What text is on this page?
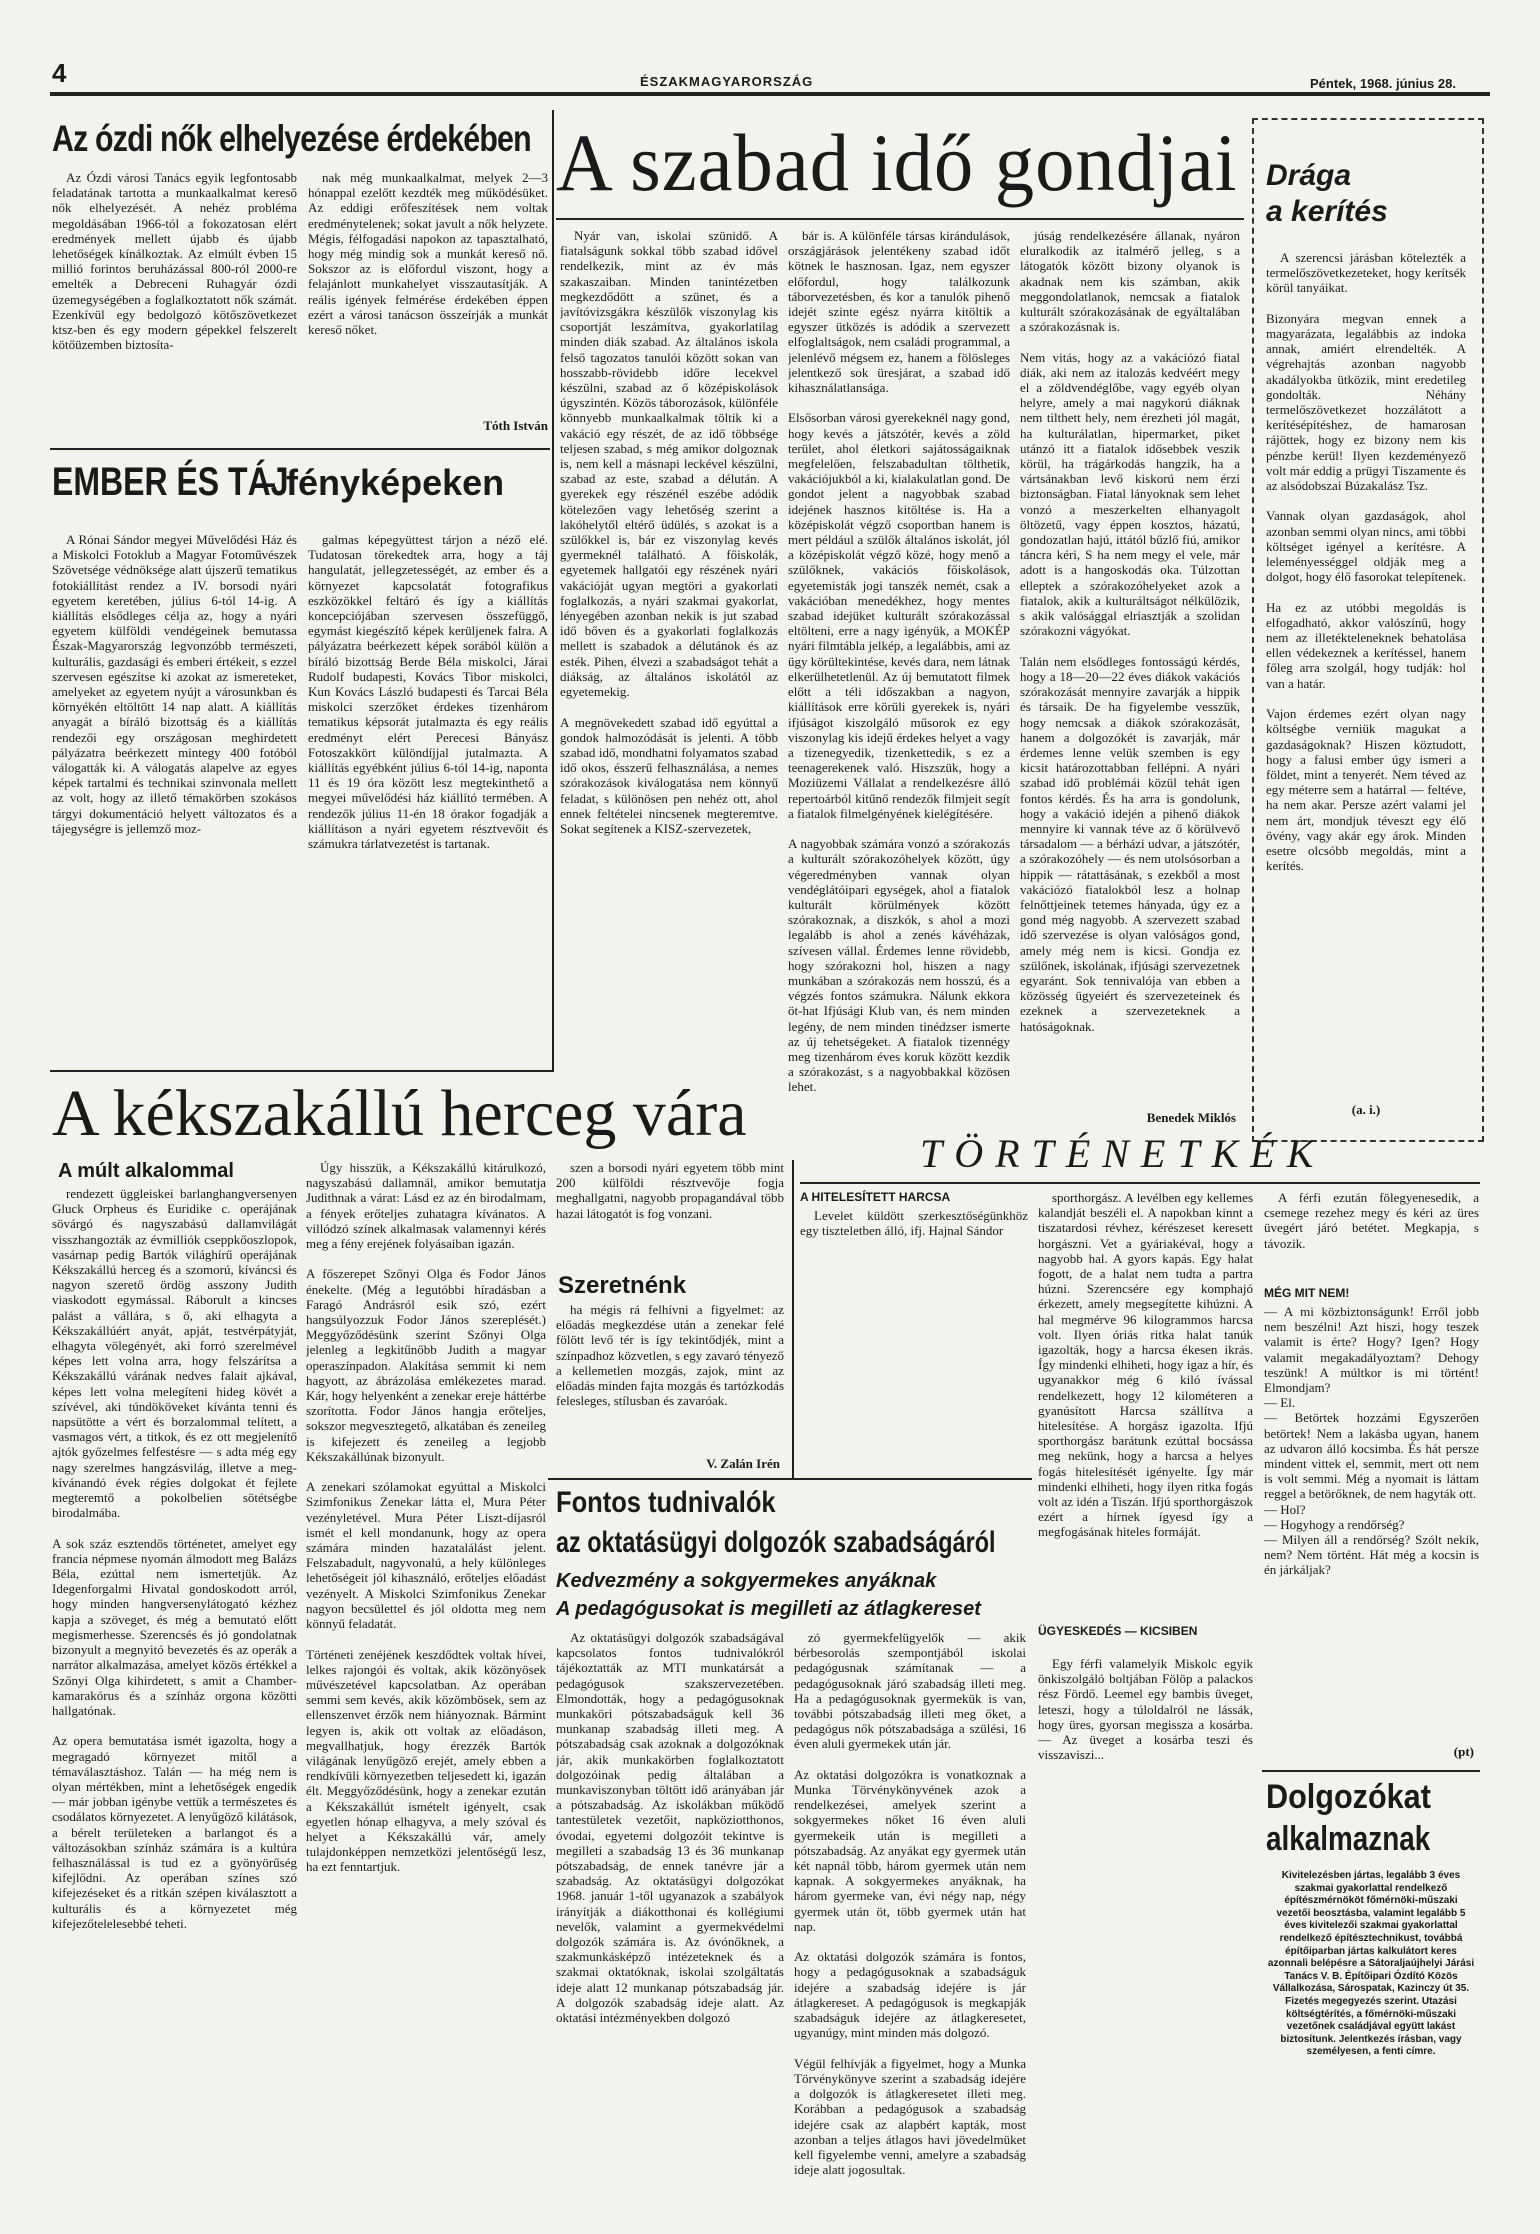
4	ÉSZAKMAGYARORSZÁG	Péntek, 1968. június 28.
Az ózdi nők elhelyezése érdekében

Az Ózdi városi Tanács egyik legfontosabb feladatának tartotta a munkaalkalmat kereső nők elhelyezését. A nehéz probléma megoldásában 1966-tól a fokozatosan elért eredmények mellett újabb és újabb lehetőségek kínálkoztak. Az elmúlt évben 15 millió forintos beruházással 800-ról 2000-re emelték a Debreceni Ruhagyár ózdi üzemegységében a foglalkoztatott nők számát. Ezenkívül egy bedolgozó kötőszövetkezet ktsz-ben és egy modern gépekkel felszerelt kötőüzemben biztosíta-

nak még munkaalkalmat, melyek 2—3 hónappal ezelőtt kezdték meg működésüket. Az eddigi erőfeszítések nem voltak eredménytelenek; sokat javult a nők helyzete. Mégis, félfogadási napokon az tapasztalható, hogy még mindig sok a munkát kereső nő. Sokszor az is előfordul viszont, hogy a felajánlott munkahelyet visszautasítják. A reális igények felmérése érdekében éppen ezért a városi tanácson összeírják a munkát kereső nőket.

Tóth István
EMBER ÉS TÁJ – fényképeken

A Rónai Sándor megyei Művelődési Ház és a Miskolci Fotoklub a Magyar Fotoművészek Szövetsége védnöksége alatt újszerű tematikus fotokiállítást rendez a IV. borsodi nyári egyetem keretében, július 6-tól 14-ig. A kiállítás elsődleges célja az, hogy a nyári egyetem külföldi vendégeinek bemutassa Észak-Magyarország legvonzóbb természeti, kulturális, gazdasági és emberi értékeit, s ezzel szervesen egészítse ki azokat az ismereteket, amelyeket az egyetem nyújt a városunkban és környékén eltöltött 14 nap alatt. A kiállítás anyagát a bíráló bizottság és a kiállítás rendezői egy országosan meghirdetett pályázatra beérkezett mintegy 400 fotóból válogatták ki. A válogatás alapelve az egyes képek tartalmi és technikai szinvonala mellett az volt, hogy az illető témakörben szokásos tárgyi dokumentáció helyett változatos és a tájegységre is jellemző moz-

galmas képegyüttest tárjon a néző elé. Tudatosan törekedtek arra, hogy a táj hangulatát, jellegzetességét, az ember és a környezet kapcsolatát fotografikus eszközökkel feltáró és így a kiállítás koncepciójában szervesen összefüggő, egymást kiegészítő képek kerüljenek falra. A pályázatra beérkezett képek sorából külön a bíráló bizottság Berde Béla miskolci, Járai Rudolf budapesti, Kovács Tibor miskolci, Kun Kovács László budapesti és Tarcai Béla miskolci szerzőket érdekes tizenhárom tematikus képsorát jutalmazta és egy reális eredményt elért Perecesi Bányász Fotoszakkört különdíjjal jutalmazta. A kiállítás egyébként július 6-tól 14-ig, naponta 11 és 19 óra között lesz megtekinthető a megyei művelődési ház kiállító termében. A rendezők július 11-én 18 órakor fogadják a kiállításon a nyári egyetem résztvevőit és számukra tárlatvezetést is tartanak.

A szabad idő gondjai

Nyár van, iskolai szünidő. A fiatalságunk sokkal több szabad idővel rendelkezik, mint az év más szakaszaiban. Minden tanintézetben megkezdődött a szünet, és a javítóvizsgákra készülők viszonylag kis csoportját leszámítva, gyakorlatilag minden diák szabad. Az általános iskola felső tagozatos tanulói között sokan van hosszabb-rövidebb időre lecekvel készülni, szabad az ő középiskolások úgyszintén. Közös táborozások, különféle könnyebb munkaalkalmak töltik ki a vakáció egy részét, de az idő többsége teljesen szabad, s még amikor dolgoznak is, nem kell a másnapi leckével készülni, szabad az este, szabad a délután. A gyerekek egy részénél eszébe adódik kötelezően vagy lehetőség szerint a lakóhelytől eltérő üdülés, s azokat is a szülőkkel is, bár ez viszonylag kevés gyermeknél található. A főiskolák, egyetemek hallgatói egy részének nyári vakációját ugyan megtöri a gyakorlati foglalkozás, a nyári szakmai gyakorlat, lényegében azonban nekik is jut szabad idő bőven és a gyakorlati foglalkozás mellett is szabadok a délutánok és az esték. Pihen, élvezi a szabadságot tehát a diákság, az általános iskolától az egyetemekig.

A megnövekedett szabad idő egyúttal a gondok halmozódását is jelenti. A több szabad idő, mondhatni folyamatos szabad idő okos, ésszerű felhasználása, a nemes szórakozások kiválogatása nem könnyű feladat, s különösen pen nehéz ott, ahol ennek feltételei nincsenek megteremtve. Sokat segítenek a KISZ-szervezetek,

bár is. A különféle társas kirándulások, országjárások jelentékeny szabad időt kötnek le hasznosan. Igaz, nem egyszer előfordul, hogy találkozunk táborvezetésben, és kor a tanulók pihenő idejét szinte egész nyárra kitöltik a egyszer ütközés is adódik a szervezett elfoglaltságok, nem családi programmal, a jelenlévő mégsem ez, hanem a fölösleges jelentkező sok üresjárat, a szabad idő kihasználatlansága.

Elsősorban városi gyerekeknél nagy gond, hogy kevés a játszótér, kevés a zöld terület, ahol életkori sajátosságaiknak megfelelően, felszabadultan tölthetik, vakációjukból a ki, kialakulatlan gond. De gondot jelent a nagyobbak szabad idejének hasznos kitöltése is. Ha a középiskolát végző csoportban hanem is mert például a szülők általános iskolát, jól a középiskolát végző közé, hogy menő a szülőknek, vakációs főiskolások, egyetemisták jogi tanszék nemét, csak a vakációban menedékhez, hogy mentes szabad idejüket kulturált szórakozással eltölteni, erre a nagy igényük, a MOKÉP nyári filmtábla jelkép, a legalábbis, ami az ügy körültekintése, kevés dara, nem látnak elkerülhetetlenül. Az új bemutatott filmek előtt a téli időszakban a nagyon, kiállítások erre körüli gyerekek is, nyári ifjúságot kiszolgáló műsorok ez egy viszonylag kis idejű érdekes helyet a vagy a tizenegyedik, tizenkettedik, s ez a teenagerekenek való. Hiszszük, hogy a Moziüzemi Vállalat a rendelkezésre álló repertoárból kitűnő rendezők filmjeit segít a fiatalok filmelgényének kielégítésére.

A nagyobbak számára vonzó a szórakozás a kulturált szórakozóhelyek között, úgy végeredményben vannak olyan vendéglátóipari egységek, ahol a fiatalok kulturált körülmények között szórakoznak, a diszkók, s ahol a mozi legalább is ahol a zenés kávéházak, szívesen vállal. Érdemes lenne rövidebb, hogy szórakozni hol, hiszen a nagy munkában a szórakozás nem hosszú, és a végzés fontos számukra. Nálunk ekkora öt-hat Ifjúsági Klub van, és nem minden legény, de nem minden tinédzser ismerte az új tehetségeket. A fiatalok tizennégy meg tizenhárom éves koruk között kezdik a szórakozást, s a nagyobbakkal közösen lehet.

júság rendelkezésére állanak, nyáron eluralkodik az italmérő jelleg, s a látogatók között bizony olyanok is akadnak nem kis számban, akik meggondolatlanok, nemcsak a fiatalok kulturált szórakozásának de egyáltalában a szórakozásnak is.

Nem vitás, hogy az a vakációzó fiatal diák, aki nem az italozás kedvéért megy el a zöldvendéglőbe, vagy egyéb olyan helyre, amely a mai nagykorú diáknak nem tilthett hely, nem érezheti jól magát, ha kulturálatlan, hipermarket, piket utánzó itt a fiatalok idősebbek veszik körül, ha trágárkodás hangzik, ha a vártsánakban levő kiskorú nem érzi biztonságban. Fiatal lányoknak sem lehet vonzó a meszerkelten elhanyagolt öltözetű, vagy éppen kosztos, házatú, gondozatlan hajú, ittától bűzlő fiú, amikor táncra kéri, S ha nem megy el vele, már adott is a hangoskodás oka. Túlzottan elleptek a szórakozóhelyeket azok a fiatalok, akik a kulturáltságot nélkülözik, s akik valósággal elriasztják a szolidan szórakozni vágyókat.

Talán nem elsődleges fontosságú kérdés, hogy a 18—20—22 éves diákok vakációs szórakozását mennyire zavarják a hippik és társaik. De ha figyelembe vesszük, hogy nemcsak a diákok szórakozását, hanem a dolgozókét is zavarják, már érdemes lenne velük szemben is egy kicsit határozottabban fellépni. A nyári szabad idő problémái közül tehát igen fontos kérdés. És ha arra is gondolunk, hogy a vakáció idején a pihenő diákok mennyire ki vannak téve az ő körülvevő társadalom — a bérházi udvar, a játszótér, a szórakozóhely — és nem utolsósorban a hippik — rátattásának, s ezekből a most vakációzó fiatalokból lesz a holnap felnőttjeinek tetemes hányada, úgy ez a gond még nagyobb. A szervezett szabad idő szervezése is olyan valóságos gond, amely még nem is kicsi. Gondja ez szülőnek, iskolának, ifjúsági szervezetnek egyaránt. Sok tennivalója van ebben a közösség ügyeiért és szervezeteinek és ezeknek a szervezeteknek a hatóságoknak.

Benedek Miklós
Drága
a kerítés

A szerencsi járásban kötelezték a termelőszövetkezeteket, hogy kerítsék körül tanyáikat.

Bizonyára megvan ennek a magyarázata, legalábbis az indoka annak, amiért elrendelték. A végrehajtás azonban nagyobb akadályokba ütközik, mint eredetileg gondolták. Néhány termelőszövetkezet hozzálátott a kerítésépítéshez, de hamarosan rájöttek, hogy ez bizony nem kis pénzbe kerül! Ilyen kezdeményező volt már eddig a prügyi Tiszamente és az alsódobszai Búzakalász Tsz.

Vannak olyan gazdaságok, ahol azonban semmi olyan nincs, ami többi költséget igényel a kerítésre. A leleményességgel oldják meg a dolgot, hogy élő fasorokat telepítenek.

Ha ez az utóbbi megoldás is elfogadható, akkor valószínű, hogy nem az illetékteleneknek behatolása ellen védekeznek a kerítéssel, hanem főleg arra szolgál, hogy tudják: hol van a határ.

Vajon érdemes ezért olyan nagy költségbe verniük magukat a gazdaságoknak? Hiszen köztudott, hogy a falusi ember úgy ismeri a földet, mint a tenyerét. Nem téved az egy méterre sem a határral — feltéve, ha nem akar. Persze azért valami jel nem árt, mondjuk téveszt egy élő övény, vagy akár egy árok. Minden esetre olcsóbb megoldás, mint a kerítés.

(a. i.)
A kékszakállú herceg vára
A múlt alkalommal

rendezett üggleiskei barlanghangversenyen Gluck Orpheus és Euridike c. operájának sövárgó és nagyszabású dallamvilágát visszhangozták az évmilliók cseppkőoszlopok, vasárnap pedig Bartók világhírű operájának Kékszakállú herceg és a szomorú, kíváncsi és nagyon szerető ördög asszony Judith viaskodott egymással. Ráborult a kincses palást a vállára, s ő, aki elhagyta a Kékszakállúért anyát, apját, testvérpátyját, elhagyta völegényét, aki forró szerelmével képes lett volna arra, hogy felszárítsa a Kékszakállú várának nedves falait ajkával, képes lett volna melegíteni hideg kövét a szívével, aki túndököveket kívánta tenni és napsütötte a vért és borzalommal telített, a vasmagos vért, a titkok, és ez ott megjelenítő ajtók győzelmes felfestésre — s adta még egy nagy szerelmes hangzásvilág, illetve a meg-kívánandó évek régies dolgokat ét fejlete megteremtő a pokolbelien sötétségbe birodalmába.

A sok száz esztendős történetet, amelyet egy francia népmese nyomán álmodott meg Balázs Béla, ezúttal nem ismertetjük. Az Idegenforgalmi Hivatal gondoskodott arról, hogy minden hangversenylátogató kézhez kapja a szöveget, és még a bemutató előtt megismerhesse. Szerencsés és jó gondolatnak bizonyult a megnyitó bevezetés és az operák a narrátor alkalmazása, amelyet közös értékkel a Szőnyi Olga kihirdetett, s amit a Chamber-kamarakórus és a színház orgona közötti hallgatónak.

Az opera bemutatása ismét igazolta, hogy a megragadó környezet mitől a témaválasztáshoz. Talán — ha még nem is olyan mértékben, mint a lehetőségek engedik — már jobban igénybe vettük a természetes és csodálatos környezetet. A lenyűgöző kilátások, a bérelt területeken a barlangot és a változásokban színház számára is a kultúra felhasználással is tud ez a gyönyörűség kifejlődni. Az operában színes szó kifejezéseket és a ritkán szépen kiválasztott a kulturális és a környezetet még kifejezőtelelesebbé teheti.

Úgy hisszük, a Kékszakállú kitárulkozó, nagyszabású dallamnál, amikor bemutatja Judithnak a várat: Lásd ez az én birodalmam, a fények erőteljes zuhatagra kívánatos. A villódzó színek alkalmasak valamennyi kérés meg a fény erejének folyásaiban igazán.

A főszerepet Szőnyi Olga és Fodor János énekelte. (Még a legutóbbi híradásban a Faragó Andrásról esik szó, ezért hangsúlyozzuk Fodor János szereplését.) Meggyőződésünk szerint Szőnyi Olga jelenleg a legkitűnőbb Judith a magyar operaszínpadon. Alakítása semmit ki nem hagyott, az ábrázolása emlékezetes marad. Kár, hogy helyenként a zenekar ereje háttérbe szorította. Fodor János hangja erőteljes, sokszor megvesztegető, alkatában és zeneileg is kifejezett és zeneileg a legjobb Kékszakállúnak bizonyult.

A zenekari szólamokat egyúttal a Miskolci Szimfonikus Zenekar látta el, Mura Péter vezényletével. Mura Péter Liszt-díjasról ismét el kell mondanunk, hogy az opera számára minden hazatalálást jelent. Felszabadult, nagyvonalú, a hely különleges lehetőségeit jól kihasználó, erőteljes előadást vezényelt. A Miskolci Szimfonikus Zenekar nagyon becsülettel és jól oldotta meg nem könnyű feladatát.

Történeti zenéjének keszdődtek voltak hívei, lelkes rajongói és voltak, akik közönyösek művészetével kapcsolatban. Az operában semmi sem kevés, akik közömbösek, sem az ellenszenvet érzők nem hiányoznak. Bármint legyen is, akik ott voltak az előadáson, megvallhatjuk, hogy érezzék Bartók világának lenyűgöző erejét, amely ebben a rendkívüli környezetben teljesedett ki, igazán élt. Meggyőződésünk, hogy a zenekar ezután a Kékszakállút ismételt igényelt, csak egyetlen hónap elhagyva, a mely szóval és helyet a Kékszakállú vár, amely tulajdonképpen nemzetközi jelentőségű lesz, ha ezt fenntartjuk.

szen a borsodi nyári egyetem több mint 200 külföldi résztvevője fogja meghallgatni, nagyobb propagandával több hazai látogatót is fog vonzani.

Szeretnénk

ha mégis rá felhívni a figyelmet: az előadás megkezdése után a zenekar felé fölött levő tér is így tekintődjék, mint a színpadhoz közvetlen, s egy zavaró tényező a kellemetlen mozgás, zajok, mint az előadás minden fajta mozgás és tartózkodás felesleges, stílusban és zavaróak.

V. Zalán Irén
TÖRTÉNETKÉK
A HITELESÍTETT HARCSA

Levelet küldött szerkesztőségünkhöz egy tiszteletben álló, ifj. Hajnal Sándor

sporthorgász. A levélben egy kellemes kalandját beszéli el. A napokban kinnt a tiszatardosi révhez, kérészeset keresett horgászni. Vet a gyáriakéval, hogy a nagyobb hal. A gyors kapás. Egy halat fogott, de a halat nem tudta a partra húzni. Szerencsére egy komphajó érkezett, amely megsegítette kihúzni. A hal megmérve 96 kilogrammos harcsa volt. Ilyen óriás ritka halat tanúk igazolták, hogy a harcsa ékesen ikrás. Így mindenki elhiheti, hogy igaz a hír, és ugyanakkor még 6 kiló ívással rendelkezett, hogy 12 kilométeren a gyanúsított Harcsa szállítva a hitelesítése. A horgász igazolta. Ifjú sporthorgász barátunk ezúttal bocsássa meg nekünk, hogy a harcsa a helyes fogás hitelesítését igényelte. Így már mindenki elhiheti, hogy ilyen ritka fogás volt az idén a Tiszán. Ifjú sporthorgászok ezért a hírnek ígyesd így a megfogásának hiteles formáját.

A férfi ezután fölegyenesedik, a csemege rezehez megy és kéri az üres üvegért járó betétet. Megkapja, s távozik.

MÉG MIT NEM!

— A mi közbiztonságunk! Erről jobb nem beszélni! Azt hiszi, hogy teszek valamit is érte? Hogy? Igen? Hogy valamit megakadályoztam? Dehogy teszünk! A múltkor is mi történt! Elmondjam?
— El.
— Betörtek hozzámi Egyszerően betörtek! Nem a lakásba ugyan, hanem az udvaron álló kocsimba. És hát persze mindent vittek el, semmit, mert ott nem is volt semmi. Még a nyomait is láttam reggel a betörőknek, de nem hagyták ott.
— Hol?
— Hogyhogy a rendőrség?
— Milyen áll a rendőrség? Szólt nekik, nem? Nem történt. Hát még a kocsin is én járkáljak?

(pt)
ÜGYESKEDÉS — KICSIBEN

Egy férfi valamelyik Miskolc egyik önkiszolgáló boltjában Fölöp a palackos rész Fördő. Leemel egy bambis üveget, leteszi, hogy a túloldalról ne lássák, hogy üres, gyorsan megissza a kosárba. — Az üveget a kosárba teszi és visszaviszi...

Fontos tudnivalók
az oktatásügyi dolgozók szabadságáról
Kedvezmény a sokgyermekes anyáknak
A pedagógusokat is megilleti az átlagkereset

Az oktatásügyi dolgozók szabadságával kapcsolatos fontos tudnivalókról tájékoztatták az MTI munkatársát a pedagógusok szakszervezetében. Elmondották, hogy a pedagógusoknak munkaköri pótszabadságuk kell 36 munkanap szabadság illeti meg. A pótszabadság csak azoknak a dolgozóknak jár, akik munkakörben foglalkoztatott dolgozóinak pedig általában a munkaviszonyban töltött idő arányában jár a pótszabadság. Az iskolákban működő tantestületek vezetőit, napköziotthonos, óvodai, egyetemi dolgozóit tekintve is megilleti a szabadság 13 és 36 munkanap pótszabadság, de ennek tanévre jár a szabadság. Az oktatásügyi dolgozókat 1968. január 1-től ugyanazok a szabályok irányítják a diákotthonai és kollégiumi nevelők, valamint a gyermekvédelmi dolgozók számára is. Az óvónőknek, a szakmunkásképző intézeteknek és a szakmai oktatóknak, iskolai szolgáltatás ideje alatt 12 munkanap pótszabadság jár. A dolgozók szabadság ideje alatt. Az oktatási intézményekben dolgozó

zó gyermekfelügyelők — akik bérbesorolás szempontjából iskolai pedagógusnak számítanak — a pedagógusoknak járó szabadság illeti meg. Ha a pedagógusoknak gyermekük is van, további pótszabadság illeti meg őket, a pedagógus nők pótszabadsága a szülési, 16 éven aluli gyermekek után jár.

Az oktatási dolgozókra is vonatkoznak a Munka Törvénykönyvének azok a rendelkezései, amelyek szerint a sokgyermekes nőket 16 éven aluli gyermekeik után is megilleti a pótszabadság. Az anyákat egy gyermek után két napnál több, három gyermek után nem kapnak. A sokgyermekes anyáknak, ha három gyermeke van, évi négy nap, négy gyermek után öt, több gyermek után hat nap.

Az oktatási dolgozók számára is fontos, hogy a pedagógusoknak a szabadságuk idejére a szabadság idejére is jár átlagkereset. A pedagógusok is megkapják szabadságuk idejére az átlagkeresetet, ugyanúgy, mint minden más dolgozó.

Végül felhívják a figyelmet, hogy a Munka Törvénykönyve szerint a szabadság idejére a dolgozók is átlagkeresetet illeti meg. Korábban a pedagógusok a szabadság idejére csak az alapbért kapták, most azonban a teljes átlagos havi jövedelmüket kell figyelembe venni, amelyre a szabadság ideje alatt jogosultak.

Dolgozókat
alkalmaznak
Kivitelezésben jártas, legalább 3 éves szakmai gyakorlattal rendelkező építészmérnököt főmérnöki-műszaki vezetői beosztásba, valamint legalább 5 éves kivitelezői szakmai gyakorlattal rendelkező építésztechnikust, továbbá építőiparban jártas kalkulátort keres azonnali belépésre a Sátoraljaújhelyi Járási Tanács V. B. Építőipari Ózdító Közös Vállalkozása, Sárospatak, Kazinczy út 35. Fizetés megegyezés szerint. Utazási költségtérítés, a főmérnöki-műszaki vezetőnek családjával együtt lakást biztosítunk. Jelentkezés írásban, vagy személyesen, a fenti címre.
